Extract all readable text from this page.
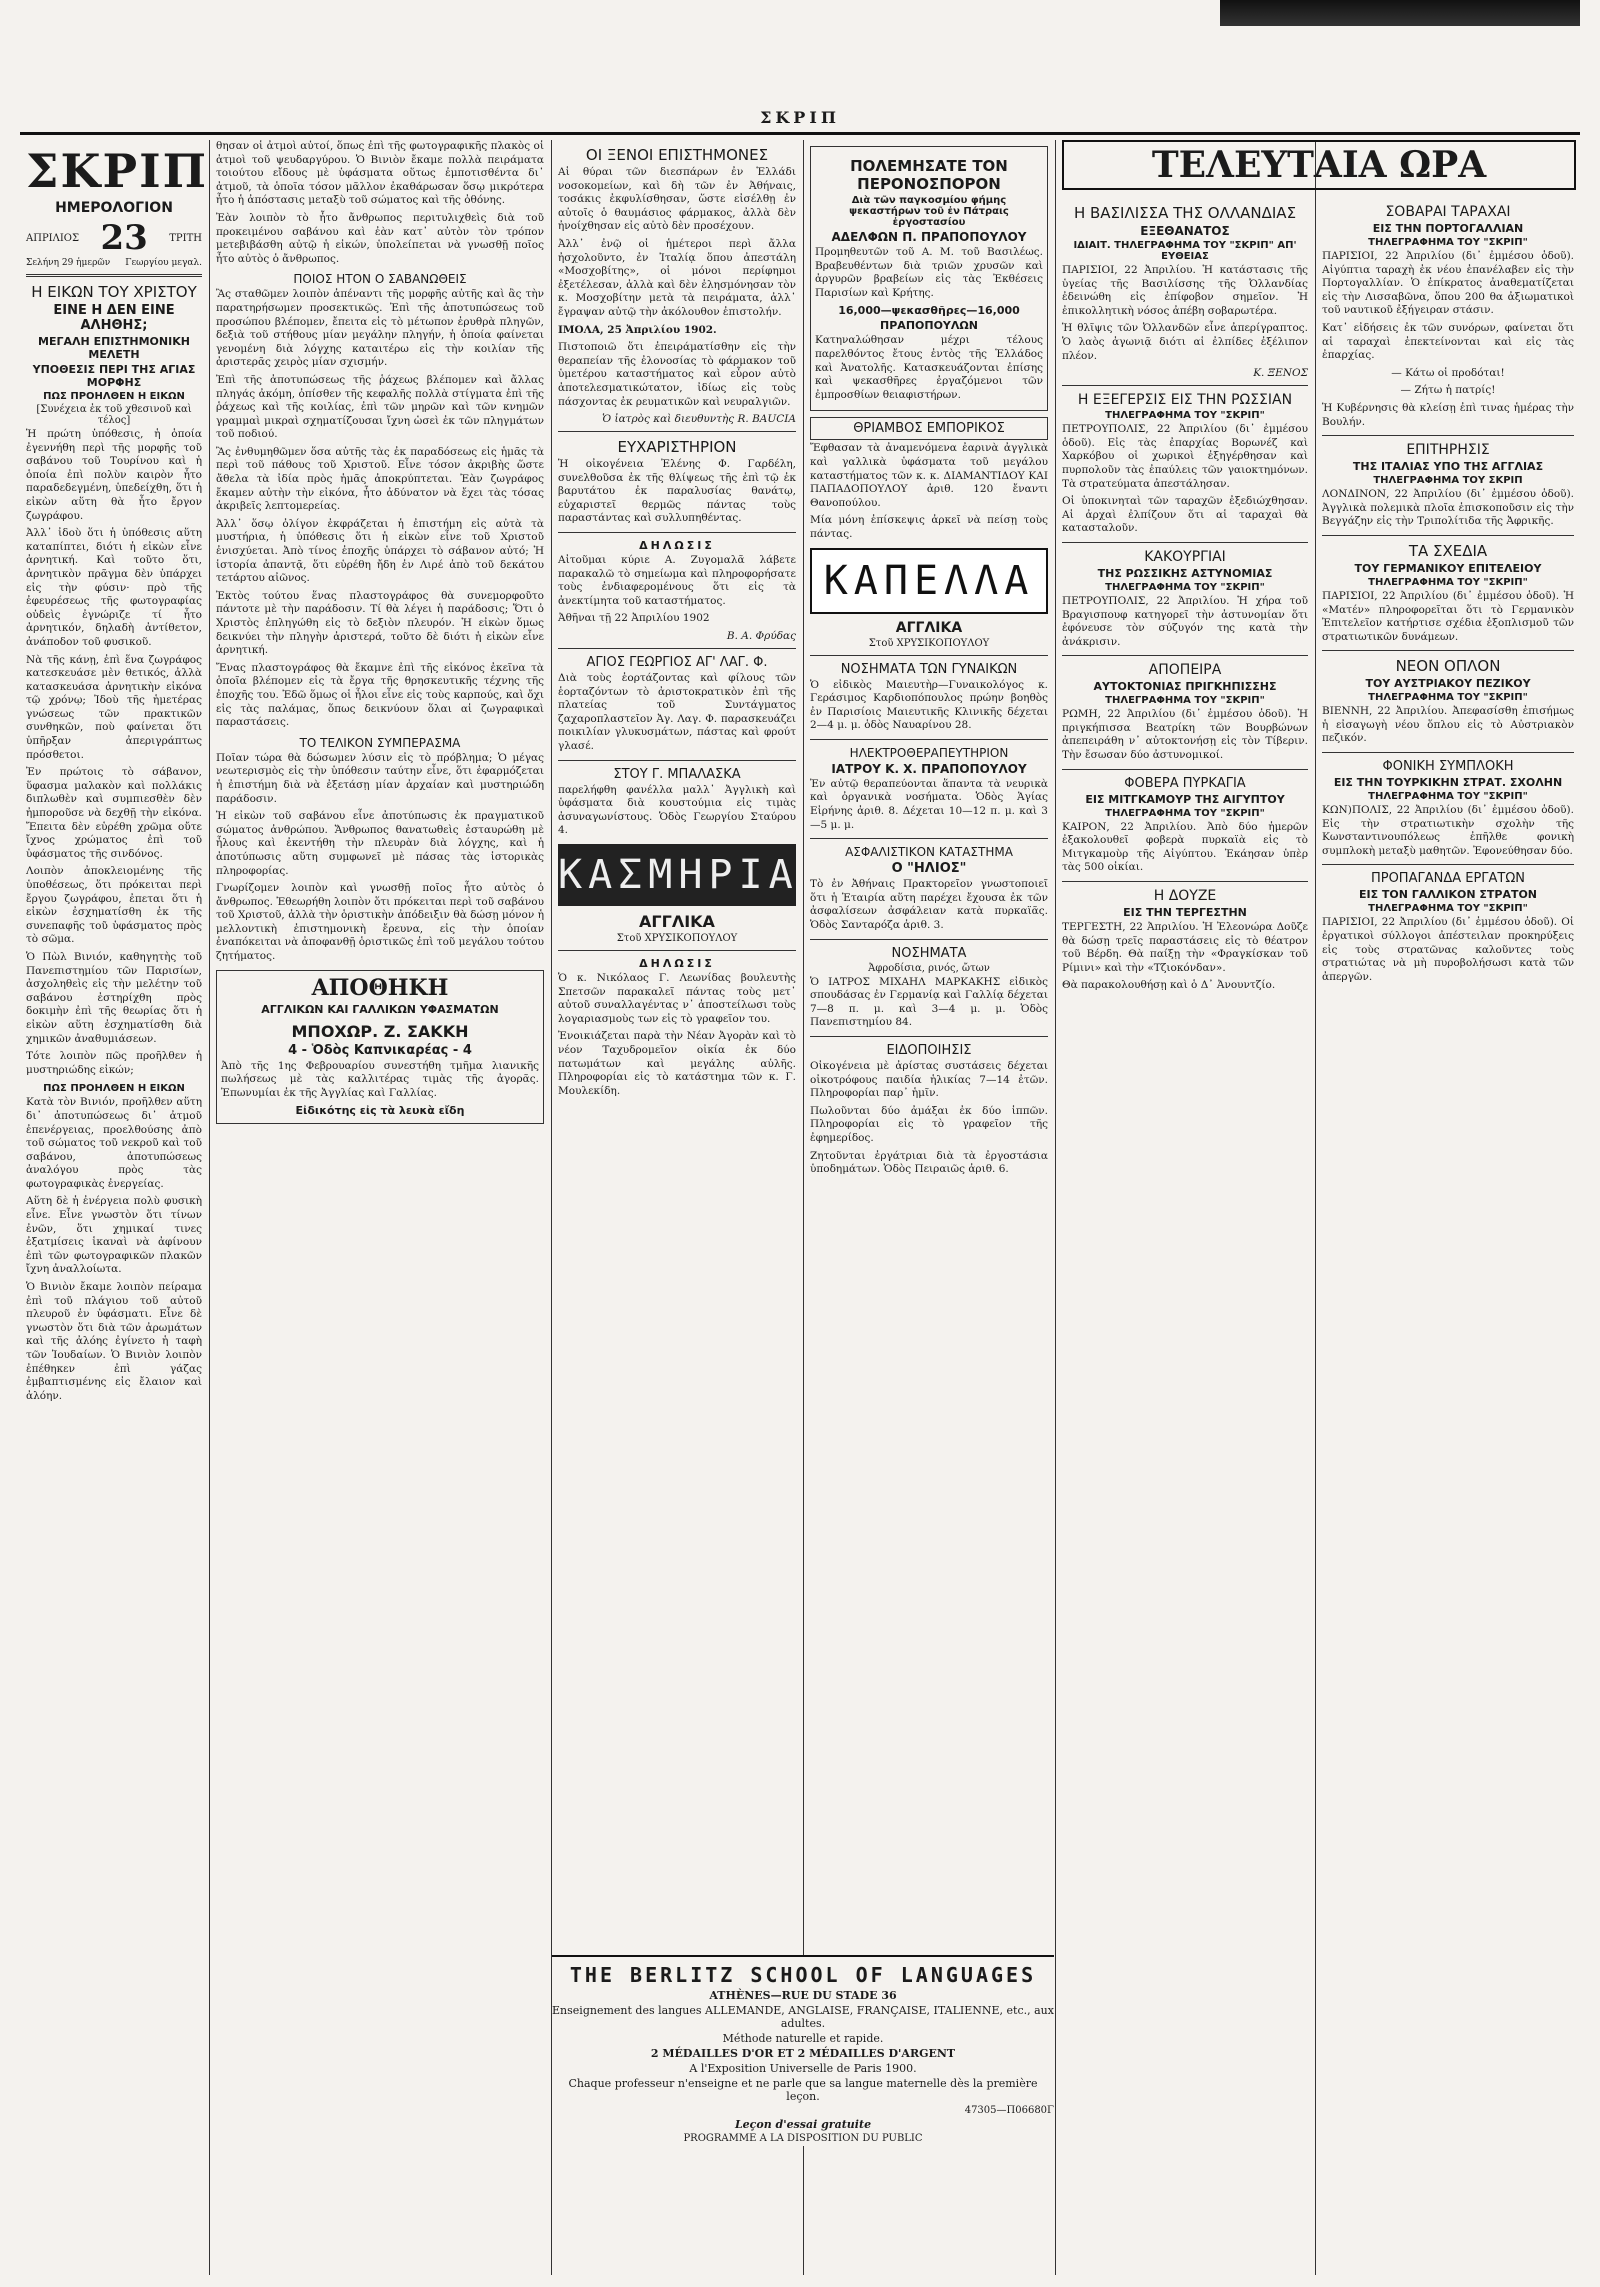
ΣΚΡΙΠ
ΣΚΡΙΠ
ΗΜΕΡΟΛΟΓΙΟΝ
ΑΠΡΙΛΙΟΣ 23 ΤΡΙΤΗ
Σελήνη 29 ἡμερῶν Γεωργίου μεγαλ.
Η ΕΙΚΩΝ ΤΟΥ ΧΡΙΣΤΟΥ
ΕΙΝΕ Η ΔΕΝ ΕΙΝΕ ΑΛΗΘΗΣ;
ΜΕΓΑΛΗ ΕΠΙΣΤΗΜΟΝΙΚΗ ΜΕΛΕΤΗ
ΥΠΟΘΕΣΙΣ ΠΕΡΙ ΤΗΣ ΑΓΙΑΣ ΜΟΡΦΗΣ
ΠΩΣ ΠΡΟΗΛΘΕΝ Η ΕΙΚΩΝ

[Συνέχεια ἐκ τοῦ χθεσινοῦ καὶ τέλος]

Ἡ πρώτη ὑπόθεσις, ἡ ὁποία ἐγεννήθη περὶ τῆς μορφῆς τοῦ σαβάνου τοῦ Τουρίνου καὶ ἡ ὁποία ἐπὶ πολὺν καιρὸν ἦτο παραδεδεγμένη, ὑπεδείχθη, ὅτι ἡ εἰκὼν αὕτη θὰ ἦτο ἔργον ζωγράφου.

Ἀλλ᾽ ἰδοὺ ὅτι ἡ ὑπόθεσις αὕτη καταπίπτει, διότι ἡ εἰκὼν εἶνε ἀρνητική. Καὶ τοῦτο ὅτι, ἀρνητικὸν πρᾶγμα δὲν ὑπάρχει εἰς τὴν φύσιν· πρὸ τῆς ἐφευρέσεως τῆς φωτογραφίας οὐδεὶς ἐγνώριζε τί ἦτο ἀρνητικόν, δηλαδὴ ἀντίθετον, ἀνάποδον τοῦ φυσικοῦ.

Νὰ τῆς κάνῃ, ἐπὶ ἕνα ζωγράφος κατεσκευάσε μὲν θετικός, ἀλλὰ κατασκευάσα ἀρνητικὴν εἰκόνα τῷ χρόνῳ; Ἰδοὺ τῆς ἡμετέρας γνώσεως τῶν πρακτικῶν συνθηκῶν, ποὺ φαίνεται ὅτι ὑπῆρξαν ἀπεριγράπτως πρόσθετοι.

Ἐν πρώτοις τὸ σάβανον, ὕφασμα μαλακὸν καὶ πολλάκις διπλωθὲν καὶ συμπιεσθὲν δὲν ἠμποροῦσε νὰ δεχθῇ τὴν εἰκόνα. Ἔπειτα δὲν εὑρέθη χρῶμα οὔτε ἴχνος χρώματος ἐπὶ τοῦ ὑφάσματος τῆς σινδόνος.

Λοιπὸν ἀποκλειομένης τῆς ὑποθέσεως, ὅτι πρόκειται περὶ ἔργου ζωγράφου, ἐπεται ὅτι ἡ εἰκὼν ἐσχηματίσθη ἐκ τῆς συνεπαφῆς τοῦ ὑφάσματος πρὸς τὸ σῶμα.

Ὁ Πὼλ Βινιόν, καθηγητὴς τοῦ Πανεπιστημίου τῶν Παρισίων, ἀσχοληθεὶς εἰς τὴν μελέτην τοῦ σαβάνου ἐστηρίχθη πρὸς δοκιμὴν ἐπὶ τῆς θεωρίας ὅτι ἡ εἰκὼν αὕτη ἐσχηματίσθη διὰ χημικῶν ἀναθυμιάσεων.

Τότε λοιπὸν πῶς προῆλθεν ἡ μυστηριώδης εἰκών;

ΠΩΣ ΠΡΟΗΛΘΕΝ Η ΕΙΚΩΝ

Κατὰ τὸν Βινιόν, προῆλθεν αὕτη δι᾽ ἀποτυπώσεως δι᾽ ἀτμοῦ ἐπενέργειας, προελθούσης ἀπὸ τοῦ σώματος τοῦ νεκροῦ καὶ τοῦ σαβάνου, ἀποτυπώσεως ἀναλόγου πρὸς τὰς φωτογραφικὰς ἐνεργείας.

Αὕτη δὲ ἡ ἐνέργεια πολὺ φυσικὴ εἶνε. Εἶνε γνωστὸν ὅτι τίνων ἐνῶν, ὅτι χημικαί τινες ἐξατμίσεις ἱκαναὶ νὰ ἀφίνουν ἐπὶ τῶν φωτογραφικῶν πλακῶν ἴχνη ἀναλλοίωτα.

Ὁ Βινιὸν ἔκαμε λοιπὸν πείραμα ἐπὶ τοῦ πλάγιου τοῦ αὐτοῦ πλευροῦ ἐν ὑφάσματι. Εἶνε δὲ γνωστὸν ὅτι διὰ τῶν ἀρωμάτων καὶ τῆς ἀλόης ἐγίνετο ἡ ταφὴ τῶν Ἰουδαίων. Ὁ Βινιὸν λοιπὸν ἐπέθηκεν ἐπὶ γάζας ἐμβαπτισμένης εἰς ἔλαιον καὶ ἀλόην.

θησαν οἱ ἀτμοὶ αὐτοί, ὅπως ἐπὶ τῆς φωτογραφικῆς πλακὸς οἱ ἀτμοὶ τοῦ ψευδαργύρου. Ὁ Βινιὸν ἔκαμε πολλὰ πειράματα τοιούτου εἴδους μὲ ὑφάσματα οὕτως ἐμποτισθέντα δι᾽ ἀτμοῦ, τὰ ὁποῖα τόσον μᾶλλον ἐκαθάρωσαν ὅσῳ μικρότερα ἦτο ἡ ἀπόστασις μεταξὺ τοῦ σώματος καὶ τῆς ὀθόνης.

Ἐὰν λοιπὸν τὸ ἦτο ἄνθρωπος περιτυλιχθεὶς διὰ τοῦ προκειμένου σαβάνου καὶ ἐὰν κατ᾽ αὐτὸν τὸν τρόπον μετεβιβάσθη αὐτῷ ἡ εἰκών, ὑπολείπεται νὰ γνωσθῇ ποῖος ἦτο αὐτὸς ὁ ἄνθρωπος.

ΠΟΙΟΣ ΗΤΟΝ Ο ΣΑΒΑΝΩΘΕΙΣ

Ἂς σταθῶμεν λοιπὸν ἀπέναντι τῆς μορφῆς αὐτῆς καὶ ἂς τὴν παρατηρήσωμεν προσεκτικῶς. Ἐπὶ τῆς ἀποτυπώσεως τοῦ προσώπου βλέπομεν, ἔπειτα εἰς τὸ μέτωπον ἐρυθρὰ πληγῶν, δεξιὰ τοῦ στήθους μίαν μεγάλην πληγήν, ἡ ὁποία φαίνεται γενομένη διὰ λόγχης καταιτέρω εἰς τὴν κοιλίαν τῆς ἀριστερᾶς χειρὸς μίαν σχισμήν.

Ἐπὶ τῆς ἀποτυπώσεως τῆς ῥάχεως βλέπομεν καὶ ἄλλας πληγάς ἀκόμη, ὀπίσθεν τῆς κεφαλῆς πολλὰ στίγματα ἐπὶ τῆς ῥάχεως καὶ τῆς κοιλίας, ἐπὶ τῶν μηρῶν καὶ τῶν κνημῶν γραμμαὶ μικραὶ σχηματίζουσαι ἴχνη ὡσεὶ ἐκ τῶν πληγμάτων τοῦ ποδιού.

Ἂς ἐνθυμηθῶμεν ὅσα αὐτῆς τὰς ἐκ παραδόσεως εἰς ἡμᾶς τὰ περὶ τοῦ πάθους τοῦ Χριστοῦ. Εἶνε τόσον ἀκριβὴς ὥστε ἄθελα τὰ ἰδία πρὸς ἡμᾶς ἀποκρύπτεται. Ἐὰν ζωγράφος ἔκαμεν αὐτὴν τὴν εἰκόνα, ἦτο ἀδύνατον νὰ ἔχει τὰς τόσας ἀκριβεῖς λεπτομερείας.

Ἀλλ᾽ ὅσῳ ὀλίγον ἐκφράζεται ἡ ἐπιστήμη εἰς αὐτὰ τὰ μυστήρια, ἡ ὑπόθεσις ὅτι ἡ εἰκὼν εἶνε τοῦ Χριστοῦ ἐνισχύεται. Ἀπὸ τίνος ἐποχῆς ὑπάρχει τὸ σάβανον αὐτό; Ἡ ἱστορία ἀπαντᾷ, ὅτι εὑρέθη ἤδη ἐν Λιρέ ἀπὸ τοῦ δεκάτου τετάρτου αἰῶνος.

Ἐκτὸς τούτου ἕνας πλαστογράφος θὰ συνεμορφοῦτο πάντοτε μὲ τὴν παράδοσιν. Τί θὰ λέγει ἡ παράδοσις; Ὅτι ὁ Χριστὸς ἐπληγώθη εἰς τὸ δεξιὸν πλευρόν. Ἡ εἰκὼν ὅμως δεικνύει τὴν πληγὴν ἀριστερά, τοῦτο δὲ διότι ἡ εἰκὼν εἶνε ἀρνητική.

Ἔνας πλαστογράφος θὰ ἔκαμνε ἐπὶ τῆς εἰκόνος ἐκεῖνα τὰ ὁποῖα βλέπομεν εἰς τὰ ἔργα τῆς θρησκευτικῆς τέχνης τῆς ἐποχῆς του. Ἐδῶ ὅμως οἱ ἧλοι εἶνε εἰς τοὺς καρπούς, καὶ ὄχι εἰς τὰς παλάμας, ὅπως δεικνύουν ὅλαι αἱ ζωγραφικαὶ παραστάσεις.

ΤΟ ΤΕΛΙΚΟΝ ΣΥΜΠΕΡΑΣΜΑ

Ποῖαν τώρα θὰ δώσωμεν λύσιν εἰς τὸ πρόβλημα; Ὁ μέγας νεωτερισμὸς εἰς τὴν ὑπόθεσιν ταύτην εἶνε, ὅτι ἐφαρμόζεται ἡ ἐπιστήμη διὰ νὰ ἐξετάσῃ μίαν ἀρχαίαν καὶ μυστηριώδη παράδοσιν.

Ἡ εἰκὼν τοῦ σαβάνου εἶνε ἀποτύπωσις ἐκ πραγματικοῦ σώματος ἀνθρώπου. Ἄνθρωπος θανατωθεὶς ἐσταυρώθη μὲ ἧλους καὶ ἐκεντήθη τὴν πλευρὰν διὰ λόγχης, καὶ ἡ ἀποτύπωσις αὕτη συμφωνεῖ μὲ πάσας τὰς ἱστορικὰς πληροφορίας.

Γνωρίζομεν λοιπὸν καὶ γνωσθῇ ποῖος ἦτο αὐτὸς ὁ ἄνθρωπος. Ἐθεωρήθη λοιπὸν ὅτι πρόκειται περὶ τοῦ σαβάνου τοῦ Χριστοῦ, ἀλλὰ τὴν ὁριστικὴν ἀπόδειξιν θὰ δώσῃ μόνον ἡ μελλοντικὴ ἐπιστημονικὴ ἔρευνα, εἰς τὴν ὁποίαν ἐναπόκειται νὰ ἀποφανθῇ ὁριστικῶς ἐπὶ τοῦ μεγάλου τούτου ζητήματος.

ΑΠΟΘΗΚΗ
ΑΓΓΛΙΚΩΝ ΚΑΙ ΓΑΛΛΙΚΩΝ ΥΦΑΣΜΑΤΩΝ
ΜΠΟΧΩΡ. Ζ. ΣΑΚΚΗ
4 - Ὁδὸς Καπνικαρέας - 4

Ἀπὸ τῆς 1ης Φεβρουαρίου συνεστήθη τμῆμα λιανικῆς πωλήσεως μὲ τὰς καλλιτέρας τιμὰς τῆς ἀγορᾶς. Ἐπωνυμίαι ἐκ τῆς Ἀγγλίας καὶ Γαλλίας.

Εἰδικότης εἰς τὰ λευκὰ εἴδη
ΟΙ ΞΕΝΟΙ ΕΠΙΣΤΗΜΟΝΕΣ

Αἱ θύραι τῶν διεσπάρων ἐν Ἑλλάδι νοσοκομείων, καὶ δὴ τῶν ἐν Ἀθήναις, τοσάκις ἐκφυλίσθησαν, ὥστε εἰσέλθῃ ἐν αὐτοῖς ὁ θαυμάσιος φάρμακος, ἀλλὰ δὲν ἠνοίχθησαν εἰς αὐτὸ δὲν προσέχουν.

Ἀλλ᾽ ἐνῷ οἱ ἡμέτεροι περὶ ἄλλα ἠσχολοῦντο, ἐν Ἰταλίᾳ ὅπου ἀπεστάλη «Μοσχοβίτης», οἱ μόνοι περίφημοι ἐξετέλεσαν, ἀλλὰ καὶ δὲν ἐλησμόνησαν τὸν κ. Μοσχοβίτην μετὰ τὰ πειράματα, ἀλλ᾽ ἔγραψαν αὐτῷ τὴν ἀκόλουθον ἐπιστολήν.

ΙΜΟΛΑ, 25 Ἀπριλίου 1902.

Πιστοποιῶ ὅτι ἐπειράματίσθην εἰς τὴν θεραπείαν τῆς ἐλονοσίας τὸ φάρμακον τοῦ ὑμετέρου καταστήματος καὶ εὗρον αὐτὸ ἀποτελεσματικώτατον, ἰδίως εἰς τοὺς πάσχοντας ἐκ ρευματικῶν καὶ νευραλγιῶν.

Ὁ ἰατρὸς καὶ διευθυντὴς R. BAUCIA

ΕΥΧΑΡΙΣΤΗΡΙΟΝ

Ἡ οἰκογένεια Ἐλένης Φ. Γαρδέλη, συνελθοῦσα ἐκ τῆς θλίψεως τῆς ἐπὶ τῷ ἐκ βαρυτάτου ἐκ παραλυσίας θανάτῳ, εὐχαριστεῖ θερμῶς πάντας τοὺς παραστάντας καὶ συλλυπηθέντας.

ΔΗΛΩΣΙΣ

Αἰτοῦμαι κύριε Α. Ζυγομαλᾶ λάβετε παρακαλῶ τὸ σημείωμα καὶ πληροφορήσατε τοὺς ἐνδιαφερομένους ὅτι εἰς τὰ ἀνεκτίμητα τοῦ καταστήματος.

Ἀθῆναι τῇ 22 Ἀπριλίου 1902

Β. Α. Φρύδας

ΑΓΙΟΣ ΓΕΩΡΓΙΟΣ ΑΓ' ΛΑΓ. Φ.

Διὰ τοὺς ἑορτάζοντας καὶ φίλους τῶν ἑορταζόντων τὸ ἀριστοκρατικὸν ἐπὶ τῆς πλατείας τοῦ Συντάγματος ζαχαροπλαστεῖον Ἀγ. Λαγ. Φ. παρασκευάζει ποικιλίαν γλυκυσμάτων, πάστας καὶ φρούτ γλασέ.

ΣΤΟΥ Γ. ΜΠΑΛΑΣΚΑ

παρελήφθη φανέλλα μαλλ᾽ Ἀγγλικὴ καὶ ὑφάσματα διὰ κουστούμια εἰς τιμὰς ἀσυναγωνίστους. Ὁδὸς Γεωργίου Σταύρου 4.

ΚΑΣΜΗΡΙΑ
ΑΓΓΛΙΚΑ
Στοῦ ΧΡΥΣΙΚΟΠΟΥΛΟΥ
ΔΗΛΩΣΙΣ

Ὁ κ. Νικόλαος Γ. Λεωνίδας βουλευτὴς Σπετσῶν παρακαλεῖ πάντας τοὺς μετ᾽ αὐτοῦ συναλλαγέντας ν᾽ ἀποστείλωσι τοὺς λογαριασμοὺς των εἰς τὸ γραφεῖον του.

Ἐνοικιάζεται παρὰ τὴν Νέαν Ἀγορὰν καὶ τὸ νέον Ταχυδρομεῖον οἰκία ἐκ δύο πατωμάτων καὶ μεγάλης αὐλῆς. Πληροφορίαι εἰς τὸ κατάστημα τῶν κ. Γ. Μουλεκίδη.

ΠΟΛΕΜΗΣΑΤΕ ΤΟΝ ΠΕΡΟΝΟΣΠΟΡΟΝ
Διὰ τῶν παγκοσμίου φήμης ψεκαστήρων τοῦ ἐν Πάτραις ἐργοστασίου
ΑΔΕΛΦΩΝ Π. ΠΡΑΠΟΠΟΥΛΟΥ

Προμηθευτῶν τοῦ Α. Μ. τοῦ Βασιλέως. Βραβευθέντων διὰ τριῶν χρυσῶν καὶ ἀργυρῶν βραβείων εἰς τὰς Ἐκθέσεις Παρισίων καὶ Κρήτης.

16,000—ψεκασθῆρες—16,000
ΠΡΑΠΟΠΟΥΛΩΝ

Κατηναλώθησαν μέχρι τέλους παρελθόντος ἔτους ἐντὸς τῆς Ἑλλάδος καὶ Ἀνατολῆς. Κατασκευάζονται ἐπίσης καὶ ψεκασθῆρες ἐργαζόμενοι τῶν ἐμπροσθίων θειαφιστήρων.

ΘΡΙΑΜΒΟΣ ΕΜΠΟΡΙΚΟΣ

Ἔφθασαν τὰ ἀναμενόμενα ἐαρινὰ ἀγγλικὰ καὶ γαλλικὰ ὑφάσματα τοῦ μεγάλου καταστήματος τῶν κ. κ. ΔΙΑΜΑΝΤΙΔΟΥ ΚΑΙ ΠΑΠΑΔΟΠΟΥΛΟΥ ἀριθ. 120 ἔναντι Θανοπούλου.

Μία μόνη ἐπίσκεψις ἀρκεῖ νὰ πείσῃ τοὺς πάντας.

ΚΑΠΕΛΛΑ
ΑΓΓΛΙΚΑ
Στοῦ ΧΡΥΣΙΚΟΠΟΥΛΟΥ
ΝΟΣΗΜΑΤΑ ΤΩΝ ΓΥΝΑΙΚΩΝ

Ὁ εἰδικὸς Μαιευτὴρ—Γυναικολόγος κ. Γεράσιμος Καρδιοπόπουλος πρώην βοηθὸς ἐν Παρισίοις Μαιευτικῆς Κλινικῆς δέχεται 2—4 μ. μ. ὁδὸς Ναυαρίνου 28.

ΗΛΕΚΤΡΟΘΕΡΑΠΕΥΤΗΡΙΟΝ
ΙΑΤΡΟΥ Κ. Χ. ΠΡΑΠΟΠΟΥΛΟΥ

Ἐν αὐτῷ θεραπεύονται ἅπαντα τὰ νευρικὰ καὶ ὀργανικὰ νοσήματα. Ὁδὸς Ἁγίας Εἰρήνης ἀριθ. 8. Δέχεται 10—12 π. μ. καὶ 3—5 μ. μ.

ΑΣΦΑΛΙΣΤΙΚΟΝ ΚΑΤΑΣΤΗΜΑ
Ο "ΗΛΙΟΣ"

Τὸ ἐν Ἀθήναις Πρακτορεῖον γνωστοποιεῖ ὅτι ἡ Ἑταιρία αὕτη παρέχει ἔχουσα ἐκ τῶν ἀσφαλίσεων ἀσφάλειαν κατὰ πυρκαϊᾶς. Ὁδὸς Σανταρόζα ἀριθ. 3.

ΝΟΣΗΜΑΤΑ
Ἀφροδίσια, ρινός, ὤτων

Ὁ ΙΑΤΡΟΣ ΜΙΧΑΗΛ ΜΑΡΚΑΚΗΣ εἰδικὸς σπουδάσας ἐν Γερμανίᾳ καὶ Γαλλίᾳ δέχεται 7—8 π. μ. καὶ 3—4 μ. μ. Ὁδὸς Πανεπιστημίου 84.

ΕΙΔΟΠΟΙΗΣΙΣ

Οἰκογένεια μὲ ἀρίστας συστάσεις δέχεται οἰκοτρόφους παιδία ἡλικίας 7—14 ἐτῶν. Πληροφορίαι παρ᾽ ἡμῖν.

Πωλοῦνται δύο ἀμάξαι ἐκ δύο ἱππῶν. Πληροφορίαι εἰς τὸ γραφεῖον τῆς ἐφημερίδος.

Ζητοῦνται ἐργάτριαι διὰ τὰ ἐργοστάσια ὑποδημάτων. Ὁδὸς Πειραιῶς ἀριθ. 6.

ΤΕΛΕΥΤΑΙΑ ΩΡΑ
Η ΒΑΣΙΛΙΣΣΑ ΤΗΣ ΟΛΛΑΝΔΙΑΣ
ΕΞΕΘΑΝΑΤΟΣ
ΙΔΙΑΙΤ. ΤΗΛΕΓΡΑΦΗΜΑ ΤΟΥ "ΣΚΡΙΠ" ΑΠ' ΕΥΘΕΙΑΣ

ΠΑΡΙΣΙΟΙ, 22 Ἀπριλίου. Ἡ κατάστασις τῆς ὑγείας τῆς Βασιλίσσης τῆς Ὀλλανδίας ἐδεινώθη εἰς ἐπίφοβον σημεῖον. Ἡ ἐπικολλητικὴ νόσος ἀπέβη σοβαρωτέρα.

Ἡ θλῖψις τῶν Ὀλλανδῶν εἶνε ἀπερίγραπτος. Ὁ λαὸς ἀγωνιᾷ διότι αἱ ἐλπίδες ἐξέλιπον πλέον.

Κ. ΞΕΝΟΣ

Η ΕΞΕΓΕΡΣΙΣ ΕΙΣ ΤΗΝ ΡΩΣΣΙΑΝ
ΤΗΛΕΓΡΑΦΗΜΑ ΤΟΥ "ΣΚΡΙΠ"

ΠΕΤΡΟΥΠΟΛΙΣ, 22 Ἀπριλίου (δι᾽ ἐμμέσου ὁδοῦ). Εἰς τὰς ἐπαρχίας Βορωνέζ καὶ Χαρκόβου οἱ χωρικοὶ ἐξηγέρθησαν καὶ πυρπολοῦν τὰς ἐπαύλεις τῶν γαιοκτημόνων. Τὰ στρατεύματα ἀπεστάλησαν.

Οἱ ὑποκινηταὶ τῶν ταραχῶν ἐξεδιώχθησαν. Αἱ ἀρχαὶ ἐλπίζουν ὅτι αἱ ταραχαὶ θὰ κατασταλοῦν.

ΚΑΚΟΥΡΓΙΑΙ
ΤΗΣ ΡΩΣΣΙΚΗΣ ΑΣΤΥΝΟΜΙΑΣ
ΤΗΛΕΓΡΑΦΗΜΑ ΤΟΥ "ΣΚΡΙΠ"

ΠΕΤΡΟΥΠΟΛΙΣ, 22 Ἀπριλίου. Ἡ χήρα τοῦ Βραγισπουφ κατηγορεῖ τὴν ἀστυνομίαν ὅτι ἐφόνευσε τὸν σύζυγόν της κατὰ τὴν ἀνάκρισιν.

ΑΠΟΠΕΙΡΑ
ΑΥΤΟΚΤΟΝΙΑΣ ΠΡΙΓΚΗΠΙΣΣΗΣ
ΤΗΛΕΓΡΑΦΗΜΑ ΤΟΥ "ΣΚΡΙΠ"

ΡΩΜΗ, 22 Ἀπριλίου (δι᾽ ἐμμέσου ὁδοῦ). Ἡ πριγκήπισσα Βεατρίκη τῶν Βουρβώνων ἀπεπειράθη ν᾽ αὐτοκτονήσῃ εἰς τὸν Τίβεριν. Τὴν ἔσωσαν δύο ἀστυνομικοί.

ΦΟΒΕΡΑ ΠΥΡΚΑΓΙΑ
ΕΙΣ ΜΙΤΓΚΑΜΟΥΡ ΤΗΣ ΑΙΓΥΠΤΟΥ
ΤΗΛΕΓΡΑΦΗΜΑ ΤΟΥ "ΣΚΡΙΠ"

ΚΑΙΡΟΝ, 22 Ἀπριλίου. Ἀπὸ δύο ἡμερῶν ἐξακολουθεῖ φοβερὰ πυρκαϊὰ εἰς τὸ Μιτγκαμοὺρ τῆς Αἰγύπτου. Ἐκάησαν ὑπὲρ τὰς 500 οἰκίαι.

Η ΔΟΥΖΕ
ΕΙΣ ΤΗΝ ΤΕΡΓΕΣΤΗΝ

ΤΕΡΓΕΣΤΗ, 22 Ἀπριλίου. Ἡ Ἐλεονώρα Δοῦζε θὰ δώσῃ τρεῖς παραστάσεις εἰς τὸ θέατρον τοῦ Βέρδη. Θὰ παίξῃ τὴν «Φραγκίσκαν τοῦ Ρίμινι» καὶ τὴν «Τζιοκόνδαν».

Θὰ παρακολουθήσῃ καὶ ὁ Δ᾽ Ἀνουντζίο.

ΣΟΒΑΡΑΙ ΤΑΡΑΧΑΙ
ΕΙΣ ΤΗΝ ΠΟΡΤΟΓΑΛΛΙΑΝ
ΤΗΛΕΓΡΑΦΗΜΑ ΤΟΥ "ΣΚΡΙΠ"

ΠΑΡΙΣΙΟΙ, 22 Ἀπριλίου (δι᾽ ἐμμέσου ὁδοῦ). Αἰγύπτια ταραχὴ ἐκ νέου ἐπανέλαβεν εἰς τὴν Πορτογαλλίαν. Ὁ ἐπίκρατος ἀναθεματίζεται εἰς τὴν Λισσαβῶνα, ὅπου 200 θα ἀξιωματικοὶ τοῦ ναυτικοῦ ἐξήγειραν στάσιν.

Κατ᾽ εἰδήσεις ἐκ τῶν συνόρων, φαίνεται ὅτι αἱ ταραχαὶ ἐπεκτείνονται καὶ εἰς τὰς ἐπαρχίας.

— Κάτω οἱ προδόται!

— Ζήτω ἡ πατρίς!

Ἡ Κυβέρνησις θὰ κλείσῃ ἐπὶ τινας ἡμέρας τὴν Βουλήν.

ΕΠΙΤΗΡΗΣΙΣ
ΤΗΣ ΙΤΑΛΙΑΣ ΥΠΟ ΤΗΣ ΑΓΓΛΙΑΣ
ΤΗΛΕΓΡΑΦΗΜΑ ΤΟΥ ΣΚΡΙΠ

ΛΟΝΔΙΝΟΝ, 22 Ἀπριλίου (δι᾽ ἐμμέσου ὁδοῦ). Ἀγγλικὰ πολεμικὰ πλοῖα ἐπισκοποῦσιν εἰς τὴν Βεγγάζην εἰς τὴν Τριπολίτιδα τῆς Ἀφρικῆς.

ΤΑ ΣΧΕΔΙΑ
ΤΟΥ ΓΕΡΜΑΝΙΚΟΥ ΕΠΙΤΕΛΕΙΟΥ
ΤΗΛΕΓΡΑΦΗΜΑ ΤΟΥ "ΣΚΡΙΠ"

ΠΑΡΙΣΙΟΙ, 22 Ἀπριλίου (δι᾽ ἐμμέσου ὁδοῦ). Ἡ «Ματέν» πληροφορεῖται ὅτι τὸ Γερμανικὸν Ἐπιτελεῖον κατήρτισε σχέδια ἐξοπλισμοῦ τῶν στρατιωτικῶν δυνάμεων.

ΝΕΟΝ ΟΠΛΟΝ
ΤΟΥ ΑΥΣΤΡΙΑΚΟΥ ΠΕΖΙΚΟΥ
ΤΗΛΕΓΡΑΦΗΜΑ ΤΟΥ "ΣΚΡΙΠ"

ΒΙΕΝΝΗ, 22 Ἀπριλίου. Ἀπεφασίσθη ἐπισήμως ἡ εἰσαγωγὴ νέου ὅπλου εἰς τὸ Αὐστριακὸν πεζικόν.

ΦΟΝΙΚΗ ΣΥΜΠΛΟΚΗ
ΕΙΣ ΤΗΝ ΤΟΥΡΚΙΚΗΝ ΣΤΡΑΤ. ΣΧΟΛΗΝ
ΤΗΛΕΓΡΑΦΗΜΑ ΤΟΥ "ΣΚΡΙΠ"

ΚΩΝ)ΠΟΛΙΣ, 22 Ἀπριλίου (δι᾽ ἐμμέσου ὁδοῦ). Εἰς τὴν στρατιωτικὴν σχολὴν τῆς Κωνσταντινουπόλεως ἐπῆλθε φονικὴ συμπλοκὴ μεταξὺ μαθητῶν. Ἐφονεύθησαν δύο.

ΠΡΟΠΑΓΑΝΔΑ ΕΡΓΑΤΩΝ
ΕΙΣ ΤΟΝ ΓΑΛΛΙΚΟΝ ΣΤΡΑΤΟΝ
ΤΗΛΕΓΡΑΦΗΜΑ ΤΟΥ "ΣΚΡΙΠ"

ΠΑΡΙΣΙΟΙ, 22 Ἀπριλίου (δι᾽ ἐμμέσου ὁδοῦ). Οἱ ἐργατικοὶ σύλλογοι ἀπέστειλαν προκηρύξεις εἰς τοὺς στρατῶνας καλοῦντες τοὺς στρατιώτας νὰ μὴ πυροβολήσωσι κατὰ τῶν ἀπεργῶν.

THE BERLITZ SCHOOL OF LANGUAGES

ATHÈNES—RUE DU STADE 36

Enseignement des langues ALLEMANDE, ANGLAISE, FRANÇAISE, ITALIENNE, etc., aux adultes.

Méthode naturelle et rapide.

2 MÉDAILLES D'OR ET 2 MÉDAILLES D'ARGENT

A l'Exposition Universelle de Paris 1900.

Chaque professeur n'enseigne et ne parle que sa langue maternelle dès la première leçon.

47305—Π06680Γ

Leçon d'essai gratuite

PROGRAMME A LA DISPOSITION DU PUBLIC
